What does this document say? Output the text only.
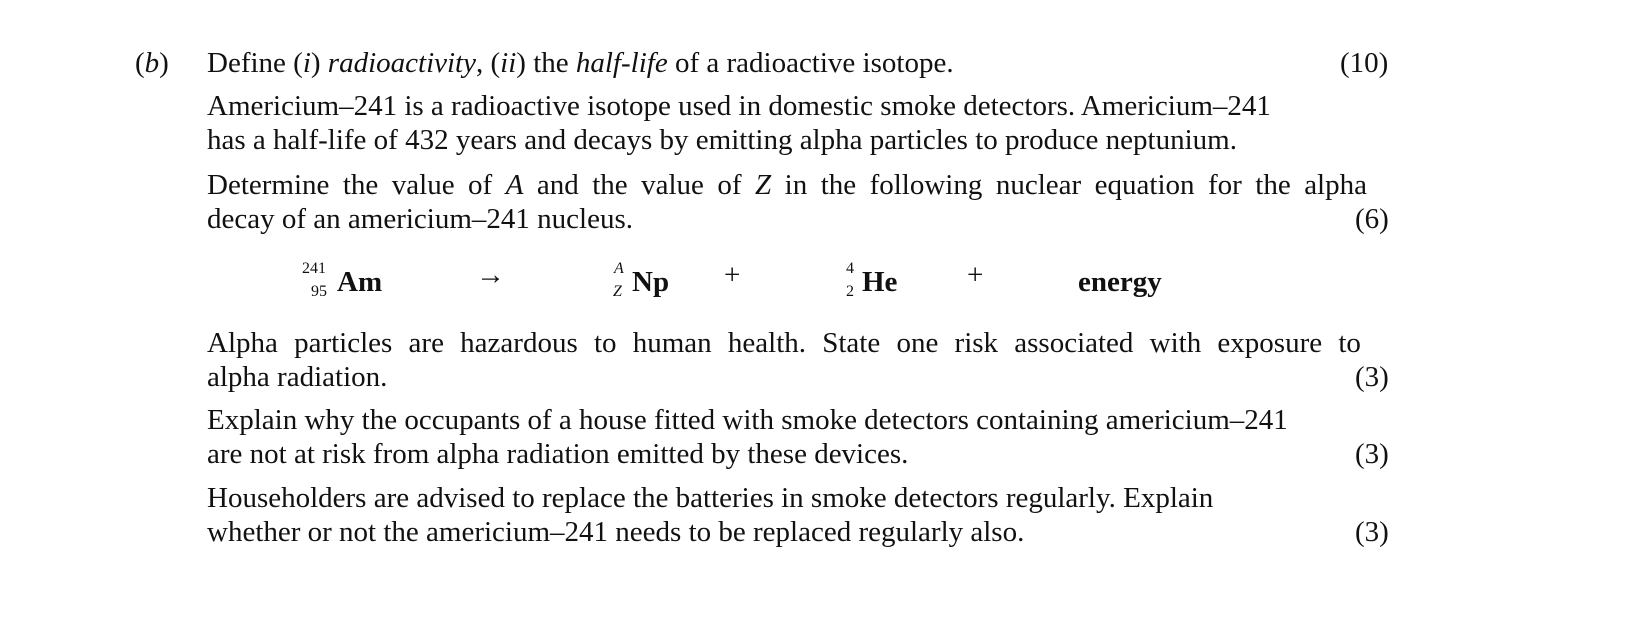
(b) Define (i) radioactivity, (ii) the half-life of a radioactive isotope.	(10)
Americium–241 is a radioactive isotope used in domestic smoke detectors. Americium–241
has a half-life of 432 years and decays by emitting alpha particles to produce neptunium.
Determine the value of A and the value of Z in the following nuclear equation for the alpha
decay of an americium–241 nucleus.	(6)
241
95 Am	→	A
Z Np +	4
2 He +	energy
Alpha particles are hazardous to human health. State one risk associated with exposure to
alpha radiation.	(3)
Explain why the occupants of a house fitted with smoke detectors containing americium–241
are not at risk from alpha radiation emitted by these devices.	(3)
Householders are advised to replace the batteries in smoke detectors regularly. Explain
whether or not the americium–241 needs to be replaced regularly also.	(3)
